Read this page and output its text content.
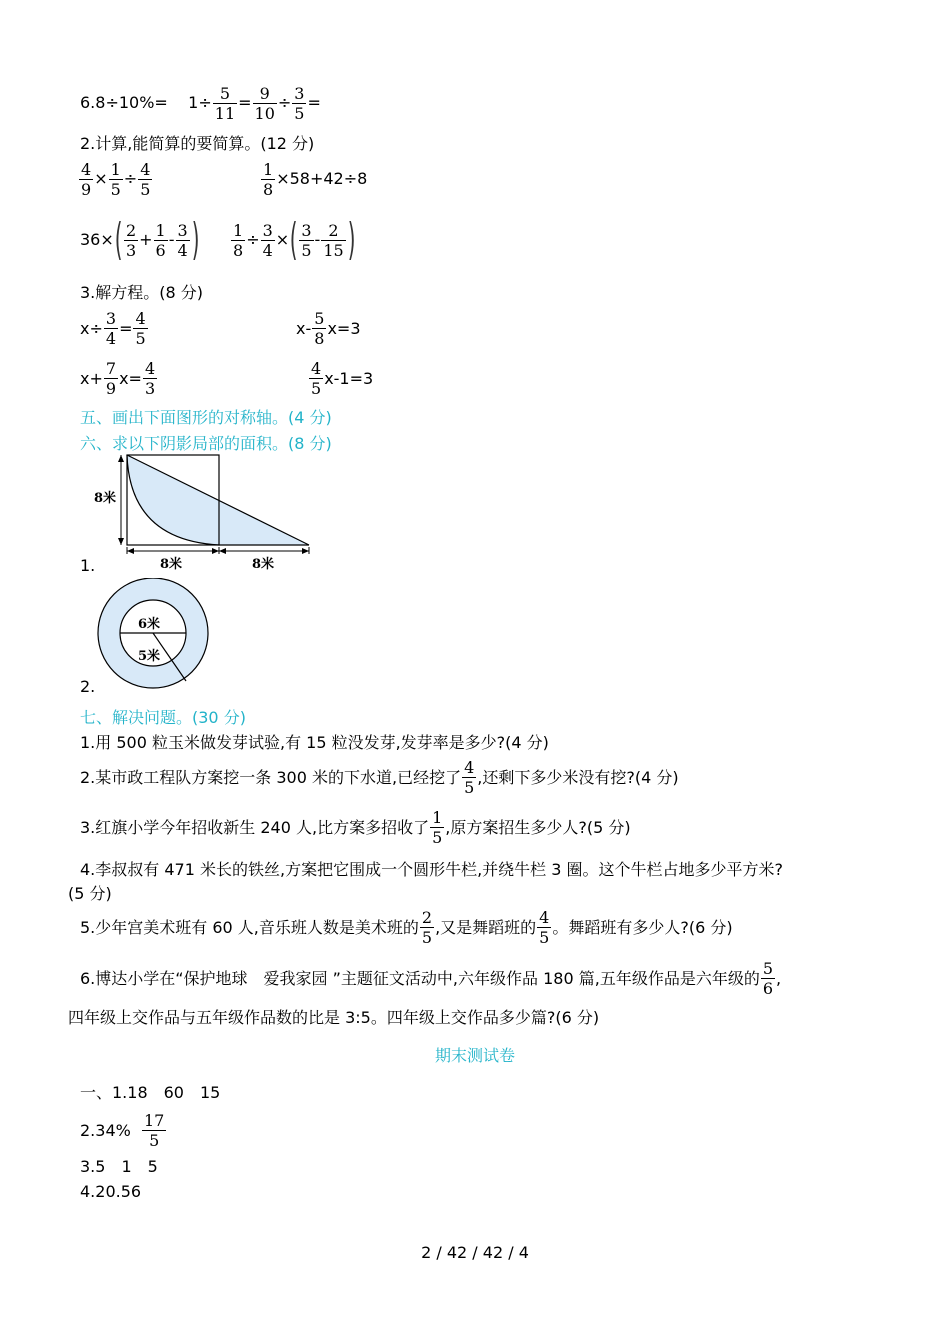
$6.8\div 10\%= 1\div \frac{5}{11} = \frac{9}{10} \div \frac{3}{5}$ =
2.计算,能简算的要简算。(12 分)
$\frac{4}{9} \times \frac{1}{5} \div \frac{4}{5}$	$\frac{1}{8} \times 58+42\div 8$
$36\times( \frac{2}{3} + \frac{1}{6} - \frac{3}{4}$ ) $\frac{1}{8} \div \frac{3}{4}$ ×( $\frac{3}{5} - \frac{2}{15}$ )
3.解方程。(8 分)
$x\div \frac{3}{4} = \frac{4}{5}$	$x- \frac{5}{8} x=3$
$x+ \frac{7}{9} x= \frac{4}{3}$	$\frac{4}{5} x-1=3$
五、画出下面图形的对称轴。(4 分)
六、求以下阴影局部的面积。(8 分)
8米
8米	8米
1.
6米
5米
2.
七、解决问题。(30 分)
1.用 500 粒玉米做发芽试验,有 15 粒没发芽,发芽率是多少?(4 分)
2.某市政工程队方案挖一条 300 米的下水道,已经挖了 $\frac{4}{5}$ ,还剩下多少米没有挖?(4 分)
3.红旗小学今年招收新生 240 人,比方案多招收了 $\frac{1}{5}$ ,原方案招生多少人?(5 分)
4.李叔叔有 471 米长的铁丝,方案把它围成一个圆形牛栏,并绕牛栏 3 圈。这个牛栏占地多少平方米?
(5 分)
5.少年宫美术班有 60 人,音乐班人数是美术班的 $\frac{2}{5}$ ,又是舞蹈班的 $\frac{4}{5}$ 。舞蹈班有多少人?(6 分)
6.博达小学在“保护地球　爱我家园 ”主题征文活动中,六年级作品 180 篇,五年级作品是六年级的 $\frac{5}{6}$ ,
四年级上交作品与五年级作品数的比是 3:5。四年级上交作品多少篇?(6 分)
期末测试卷
一、1.18　60　15
$2.34\% \frac{17}{5}$
3.5　1　5
4.20.56
2 / 42 / 42 / 4
